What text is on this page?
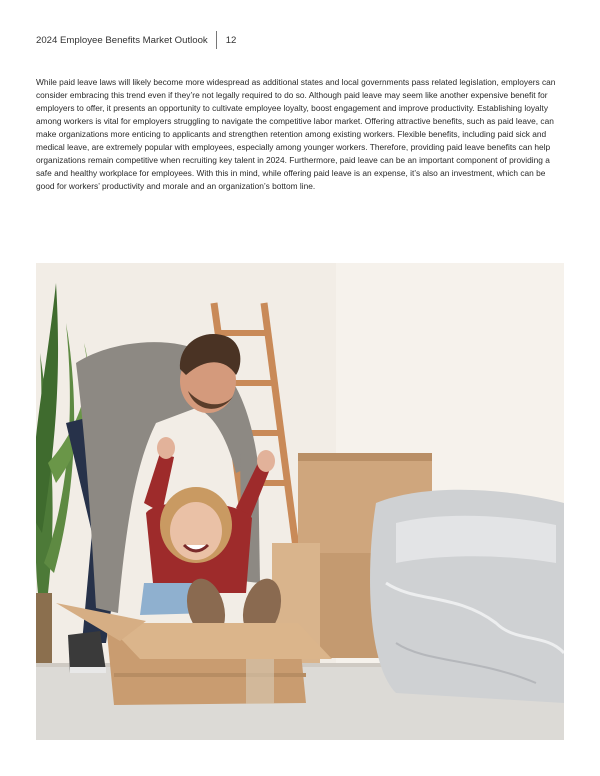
2024 Employee Benefits Market Outlook 12

While paid leave laws will likely become more widespread as additional states and local governments pass related legislation, employers can consider embracing this trend even if they’re not legally required to do so. Although paid leave may seem like another expensive benefit for employers to offer, it presents an opportunity to cultivate employee loyalty, boost engagement and improve productivity. Establishing loyalty among workers is vital for employers struggling to navigate the competitive labor market. Offering attractive benefits, such as paid leave, can make organizations more enticing to applicants and strengthen retention among existing workers. Flexible benefits, including paid sick and medical leave, are extremely popular with employees, especially among younger workers. Therefore, providing paid leave benefits can help organizations remain competitive when recruiting key talent in 2024. Furthermore, paid leave can be an important component of providing a safe and healthy workplace for employees. With this in mind, while offering paid leave is an expense, it’s also an investment, which can be good for workers’ productivity and morale and an organization’s bottom line.
